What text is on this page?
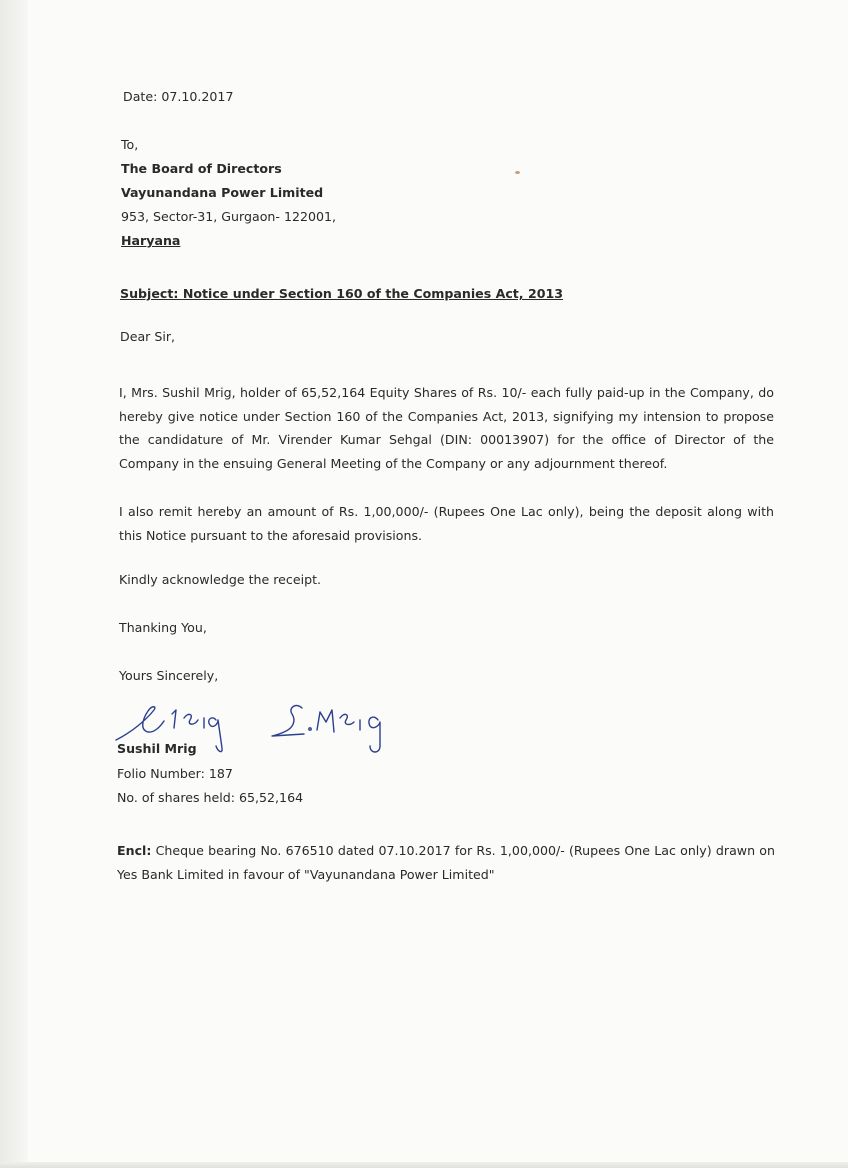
Date: 07.10.2017
To,
The Board of Directors
Vayunandana Power Limited
953, Sector-31, Gurgaon- 122001,
Haryana
Subject: Notice under Section 160 of the Companies Act, 2013
Dear Sir,
I, Mrs. Sushil Mrig, holder of 65,52,164 Equity Shares of Rs. 10/- each fully paid-up in the Company, do hereby give notice under Section 160 of the Companies Act, 2013, signifying my intension to propose the candidature of Mr. Virender Kumar Sehgal (DIN: 00013907) for the office of Director of the Company in the ensuing General Meeting of the Company or any adjournment thereof.
I also remit hereby an amount of Rs. 1,00,000/- (Rupees One Lac only), being the deposit along with this Notice pursuant to the aforesaid provisions.
Kindly acknowledge the receipt.
Thanking You,
Yours Sincerely,
Sushil Mrig
Folio Number: 187
No. of shares held: 65,52,164
Encl: Cheque bearing No. 676510 dated 07.10.2017 for Rs. 1,00,000/- (Rupees One Lac only) drawn on Yes Bank Limited in favour of "Vayunandana Power Limited"
